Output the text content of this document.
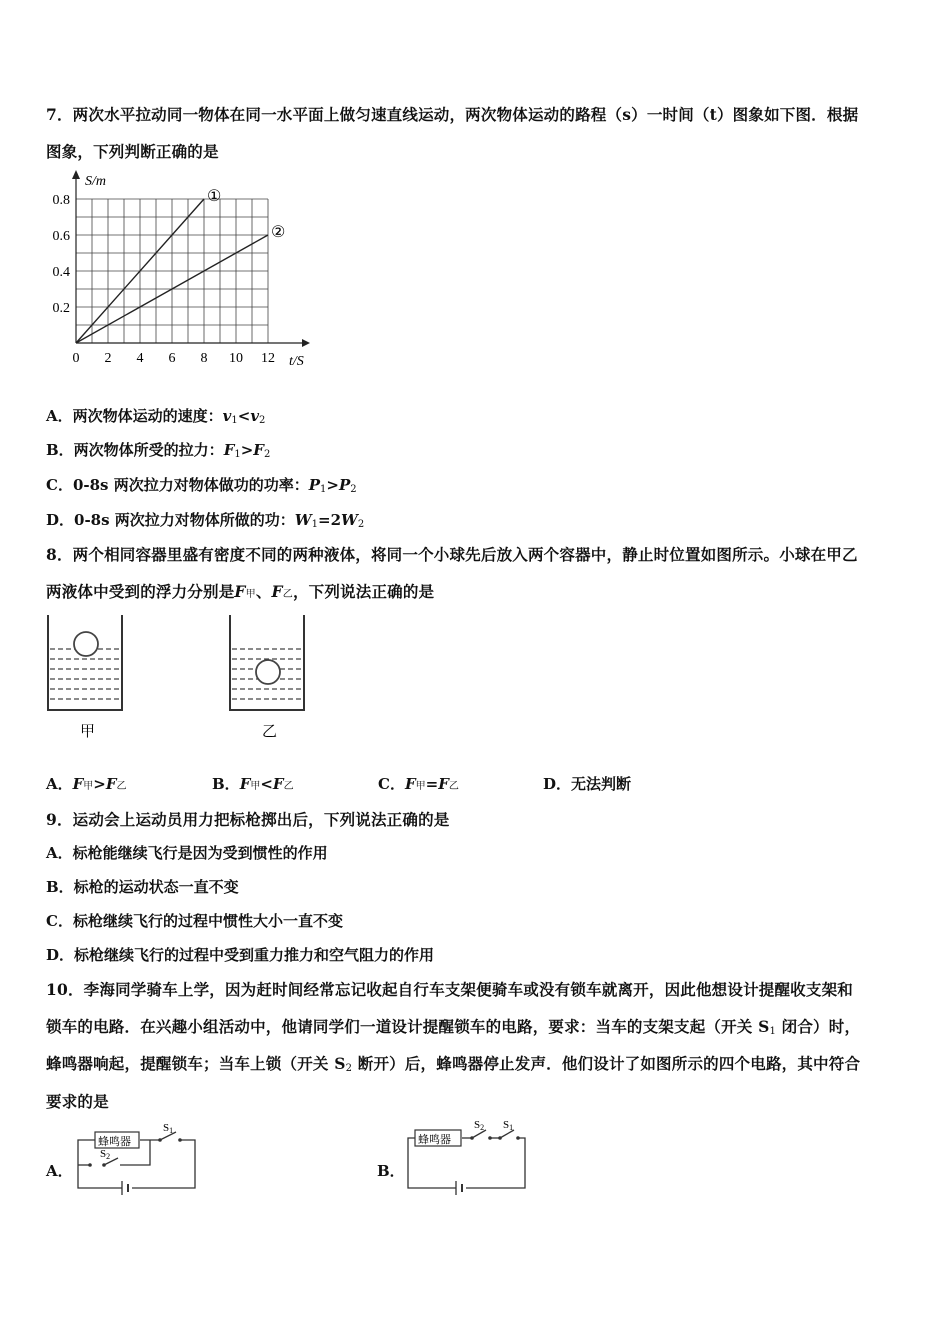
7．两次水平拉动同一物体在同一水平面上做匀速直线运动，两次物体运动的路程（s）一时间（t）图象如下图．根据
图象，下列判断正确的是
0 2 4 6 8 10 12
0.2
0.4
0.6
0.8
S/m
t/S
①
②
A．两次物体运动的速度：$v_1<v_2$
B．两次物体所受的拉力：$F_1>F_2$
C．0-8s 两次拉力对物体做功的功率：$P_1>P_2$
D．0-8s 两次拉力对物体所做的功：$W_1=2W_2$
8．两个相同容器里盛有密度不同的两种液体，将同一个小球先后放入两个容器中，静止时位置如图所示。小球在甲乙
两液体中受到的浮力分别是F甲、F乙，下列说法正确的是
甲	乙
A．F甲>F乙	B．F甲<F乙	C．F甲=F乙	D．无法判断
9．运动会上运动员用力把标枪掷出后，下列说法正确的是
A．标枪能继续飞行是因为受到惯性的作用
B．标枪的运动状态一直不变
C．标枪继续飞行的过程中惯性大小一直不变
D．标枪继续飞行的过程中受到重力推力和空气阻力的作用
10．李海同学骑车上学，因为赶时间经常忘记收起自行车支架便骑车或没有锁车就离开，因此他想设计提醒收支架和
锁车的电路．在兴趣小组活动中，他请同学们一道设计提醒锁车的电路，要求：当车的支架支起（开关 $S_1$ 闭合）时，
蜂鸣器响起，提醒锁车；当车上锁（开关 $S_2$ 断开）后，蜂鸣器停止发声．他们设计了如图所示的四个电路，其中符合
要求的是
A．
蜂鸣器
S1
S2
B．
蜂鸣器
S2 S1
